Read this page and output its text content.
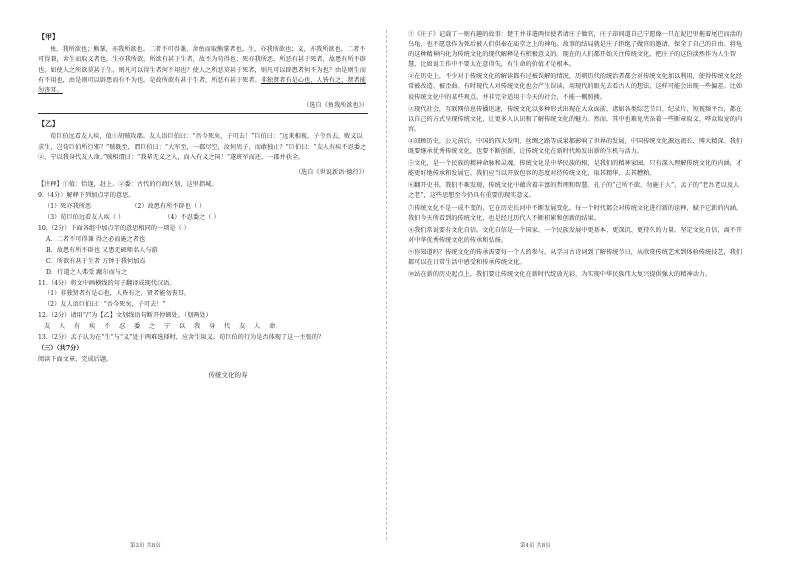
【甲】

鱼，我所欲也；熊掌，亦我所欲也。二者不可得兼，舍鱼而取熊掌者也。生，亦我所欲也；义，亦我所欲也。二者不可得兼，舍生而取义者也。生亦我所欲，所欲有甚于生者，故不为苟得也；死亦我所恶，所恶有甚于死者，故患有所不辟也。如使人之所欲莫甚于生，则凡可以得生者何不用也？使人之所恶莫甚于死者，则凡可以辟患者何不为也？由是则生而有不用也，由是则可以辟患而有不为也。是故所欲有甚于生者，所恶有甚于死者。非独贤者有是心也，人皆有之，贤者能勿丧耳。

（选自《鱼我所欲也》）
【乙】

荀巨伯远看友人疾，值①胡贼攻郡。友人语巨伯曰：“吾今死矣，子可去！”巨伯曰：“远来相视，子令吾去，败义以求生，岂荀巨伯所行邪？”贼既至，谓巨伯曰：“大军至，一郡尽空，汝何男子，而敢独止？”巨伯曰：“友人有疾不忍委之②，宁以我身代友人命。”贼相谓曰：“我辈无义之人，而入有义之国！”遂班军而还，一郡并获全。

（选自《世说新语·德行》）

【注释】①值：恰逢，赶上。②委：古代的行政区划，这里指城。

9.（4分）解释下列加点字的意思。

（1）死亦我所恶	（2）故患有所不辟也（ ）

（3）荀巨伯远看友人疾（ ）	（4）不忍委之（ ）

10.（2分）下面各组中加点字的意思相同的一项是（ ）

A．二者不可得兼 得之必而施之者也

B．故患有所不辟也 又患无硕师名人与游

C．所欲有甚于生者 万钟于我何加焉

D．行道之人弗受 蹴尔而与之

11.（4分）将文中画横线的句子翻译成现代汉语。

（1）非独贤者有是心也，人皆有之，贤者能勿丧耳。

（2）友人语巨伯曰：“吾今死矣，子可去！”

12.（2分）请用“/”为【乙】文划线语句断开停顿处。（划两处）

友 人 有 疾 不 忍 委 之 宁 以 我 身 代 友 人 命

13.（2分）孟子认为在“生”与“义”处于两难选择时，应舍生取义。荀巨伯的行为是否体现了这一主张的？

（三）（共7分）

阅读下面文章，完成后题。

传统文化的寿

①《庄子》记载了一则有趣的故事：楚王并非遣两位使者请庄子做官，庄子却问道自己宁愿像一只在泥巴里拖着尾巴而活的乌龟，也不愿意作为死后被人们供奉在庙堂之上的神龟。故事的结局就是庄子拒绝了做官的邀请，保全了自己的自由。将龟的这种精神内化为传统文化的现代解释是有积极意义的。现在的人们都开始关注传统文化，把庄子的这份淡然作为人生智慧，比如说工作中不要太在意得失，有生命的价值才是根本。

②在历史上，不少对于传统文化的解读都有过被误解的情况，历朝历代的统治者都会对传统文化加以利用，使得传统文化经常被改造、被歪曲。有时现代人对传统文化也会产生误读，用现代的眼光去看古人的想法，这样可能会出现一些偏差。比如说传统文化中的某些观点，并非完全适用于今天的社会，不能一概照搬。

③现代社会，互联网信息传播迅速，传统文化以多种形式出现在大众面前。诸如各类综艺节目、纪录片、短视频平台，都在以自己的方式呈现传统文化，让更多人认识和了解传统文化的魅力。然而，其中也难免夹杂着一些断章取义、哗众取宠的内容。

④回顾历史，公元前后，中国的四大发明、丝绸之路等成果都影响了世界的发展，中国传统文化源远流长、博大精深。我们既要继承优秀传统文化，也要不断创新，让传统文化在新时代焕发出新的生机与活力。

⑤文化，是一个民族的精神命脉和灵魂。传统文化是中华民族的根，是我们的精神家园。只有深入理解传统文化的内涵，才能更好地传承和发展它。我们应当以开放包容的态度对待传统文化，取其精华、去其糟粕。

⑥翻开史书，我们不难发现，传统文化中蕴含着丰富的哲理和智慧。孔子的“己所不欲，勿施于人”，孟子的“老吾老以及人之老”，这些思想至今仍具有重要的现实意义。

⑦传统文化不是一成不变的，它在历史长河中不断发展变化。每一个时代都会对传统文化进行新的诠释，赋予它新的内涵。我们今天所看到的传统文化，也是经过历代人不断积累和创新的结果。

⑧我们常说要有文化自信。文化自信是一个国家、一个民族发展中更基本、更深沉、更持久的力量。坚定文化自信，离不开对中华优秀传统文化的传承和弘扬。

⑨你知道吗？传统文化的传承需要每一个人的参与。从学习古诗词到了解传统节日，从欣赏传统艺术到体验传统技艺，我们都可以在日常生活中感受和传承传统文化。

⑩站在新的历史起点上，我们要让传统文化在新时代绽放光彩，为实现中华民族伟大复兴提供强大的精神动力。

第3页 共8页	第4页 共8页
